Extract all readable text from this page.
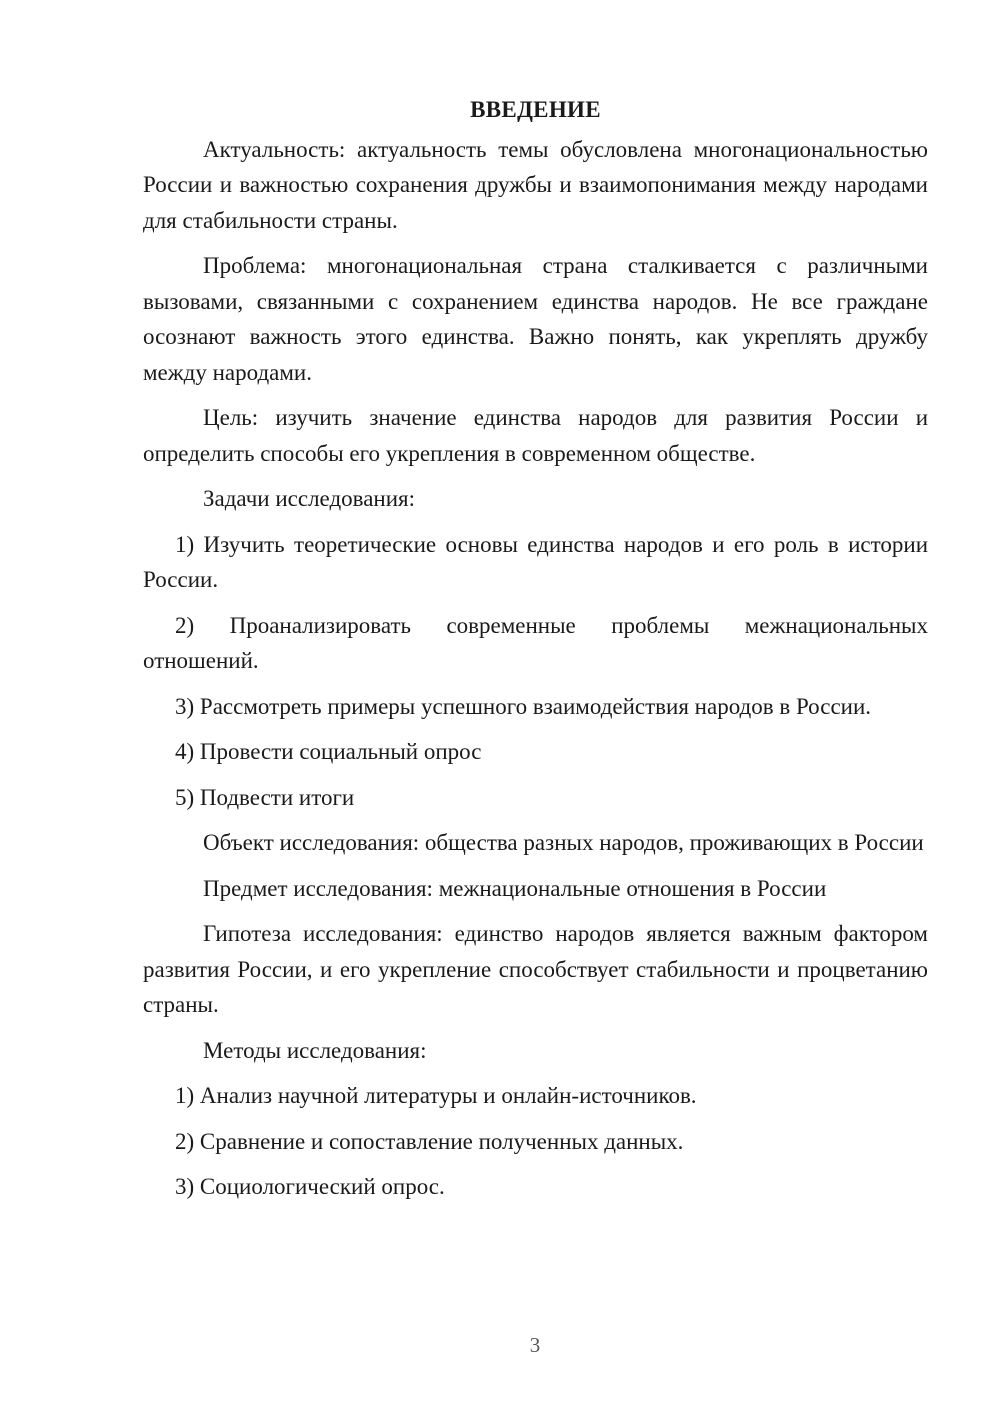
ВВЕДЕНИЕ

Актуальность: актуальность темы обусловлена многонациональностью России и важностью сохранения дружбы и взаимопонимания между народами для стабильности страны.

Проблема: многонациональная страна сталкивается с различными вызовами, связанными с сохранением единства народов. Не все граждане осознают важность этого единства. Важно понять, как укреплять дружбу между народами.

Цель: изучить значение единства народов для развития России и определить способы его укрепления в современном обществе.

Задачи исследования:

1) Изучить теоретические основы единства народов и его роль в истории России.

2) Проанализировать современные проблемы межнациональных отношений.

3) Рассмотреть примеры успешного взаимодействия народов в России.

4) Провести социальный опрос

5) Подвести итоги

Объект исследования: общества разных народов, проживающих в России

Предмет исследования: межнациональные отношения в России

Гипотеза исследования: единство народов является важным фактором развития России, и его укрепление способствует стабильности и процветанию страны.

Методы исследования:

1) Анализ научной литературы и онлайн-источников.

2) Сравнение и сопоставление полученных данных.

3) Социологический опрос.

3
